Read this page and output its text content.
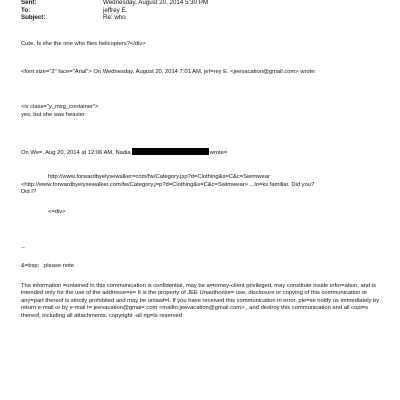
Sent:	Wednesday, August 20, 2014 5:30 PM
To:	jeffrey E.
Subject:	Re: who
Cute. Is she the one who flies helicopters?</div>
<font size="2" face="Arial"> On Wednesday, August 20, 2014 7:01 AM, jef=rey E. <jeevacation@gmail.com> wrote:
<iv class="y_msg_container">
yes, but she was heavier
On We=, Aug 20, 2014 at 12:06 AM, Nadia	wrote=
http://www.forwardbyelysewalker=com/fw/Category.jsp?d=Clothing&s=C&c=Swimwear
<http://www.forwardbyelysewalker.com/fw/Category.j=p?d=Clothing&s=C&c=Swimwear> ...lo=ks familiar. Did you?
Did I?
<=div>
--
&=bsp;   please note
The information =ontained in this communication is confidential, may be a=torney-client privileged, may constitute inside infor=ation, and is intended only for the use of the addresse=e= It is the property of JEE Unauthorize= use, disclosure or copying of this communication or any=part thereof is strictly prohibited and may be unlawf=l. If you have received this communication in error, ple=se notify us immediately by return e-mail or by e-mail t= jeevacation@gmai=.com <mailto:jeevacation@gmail.com> , and destroy this communication and all copi=s thereof, including all attachments. copyright -all rig=ts reserved
